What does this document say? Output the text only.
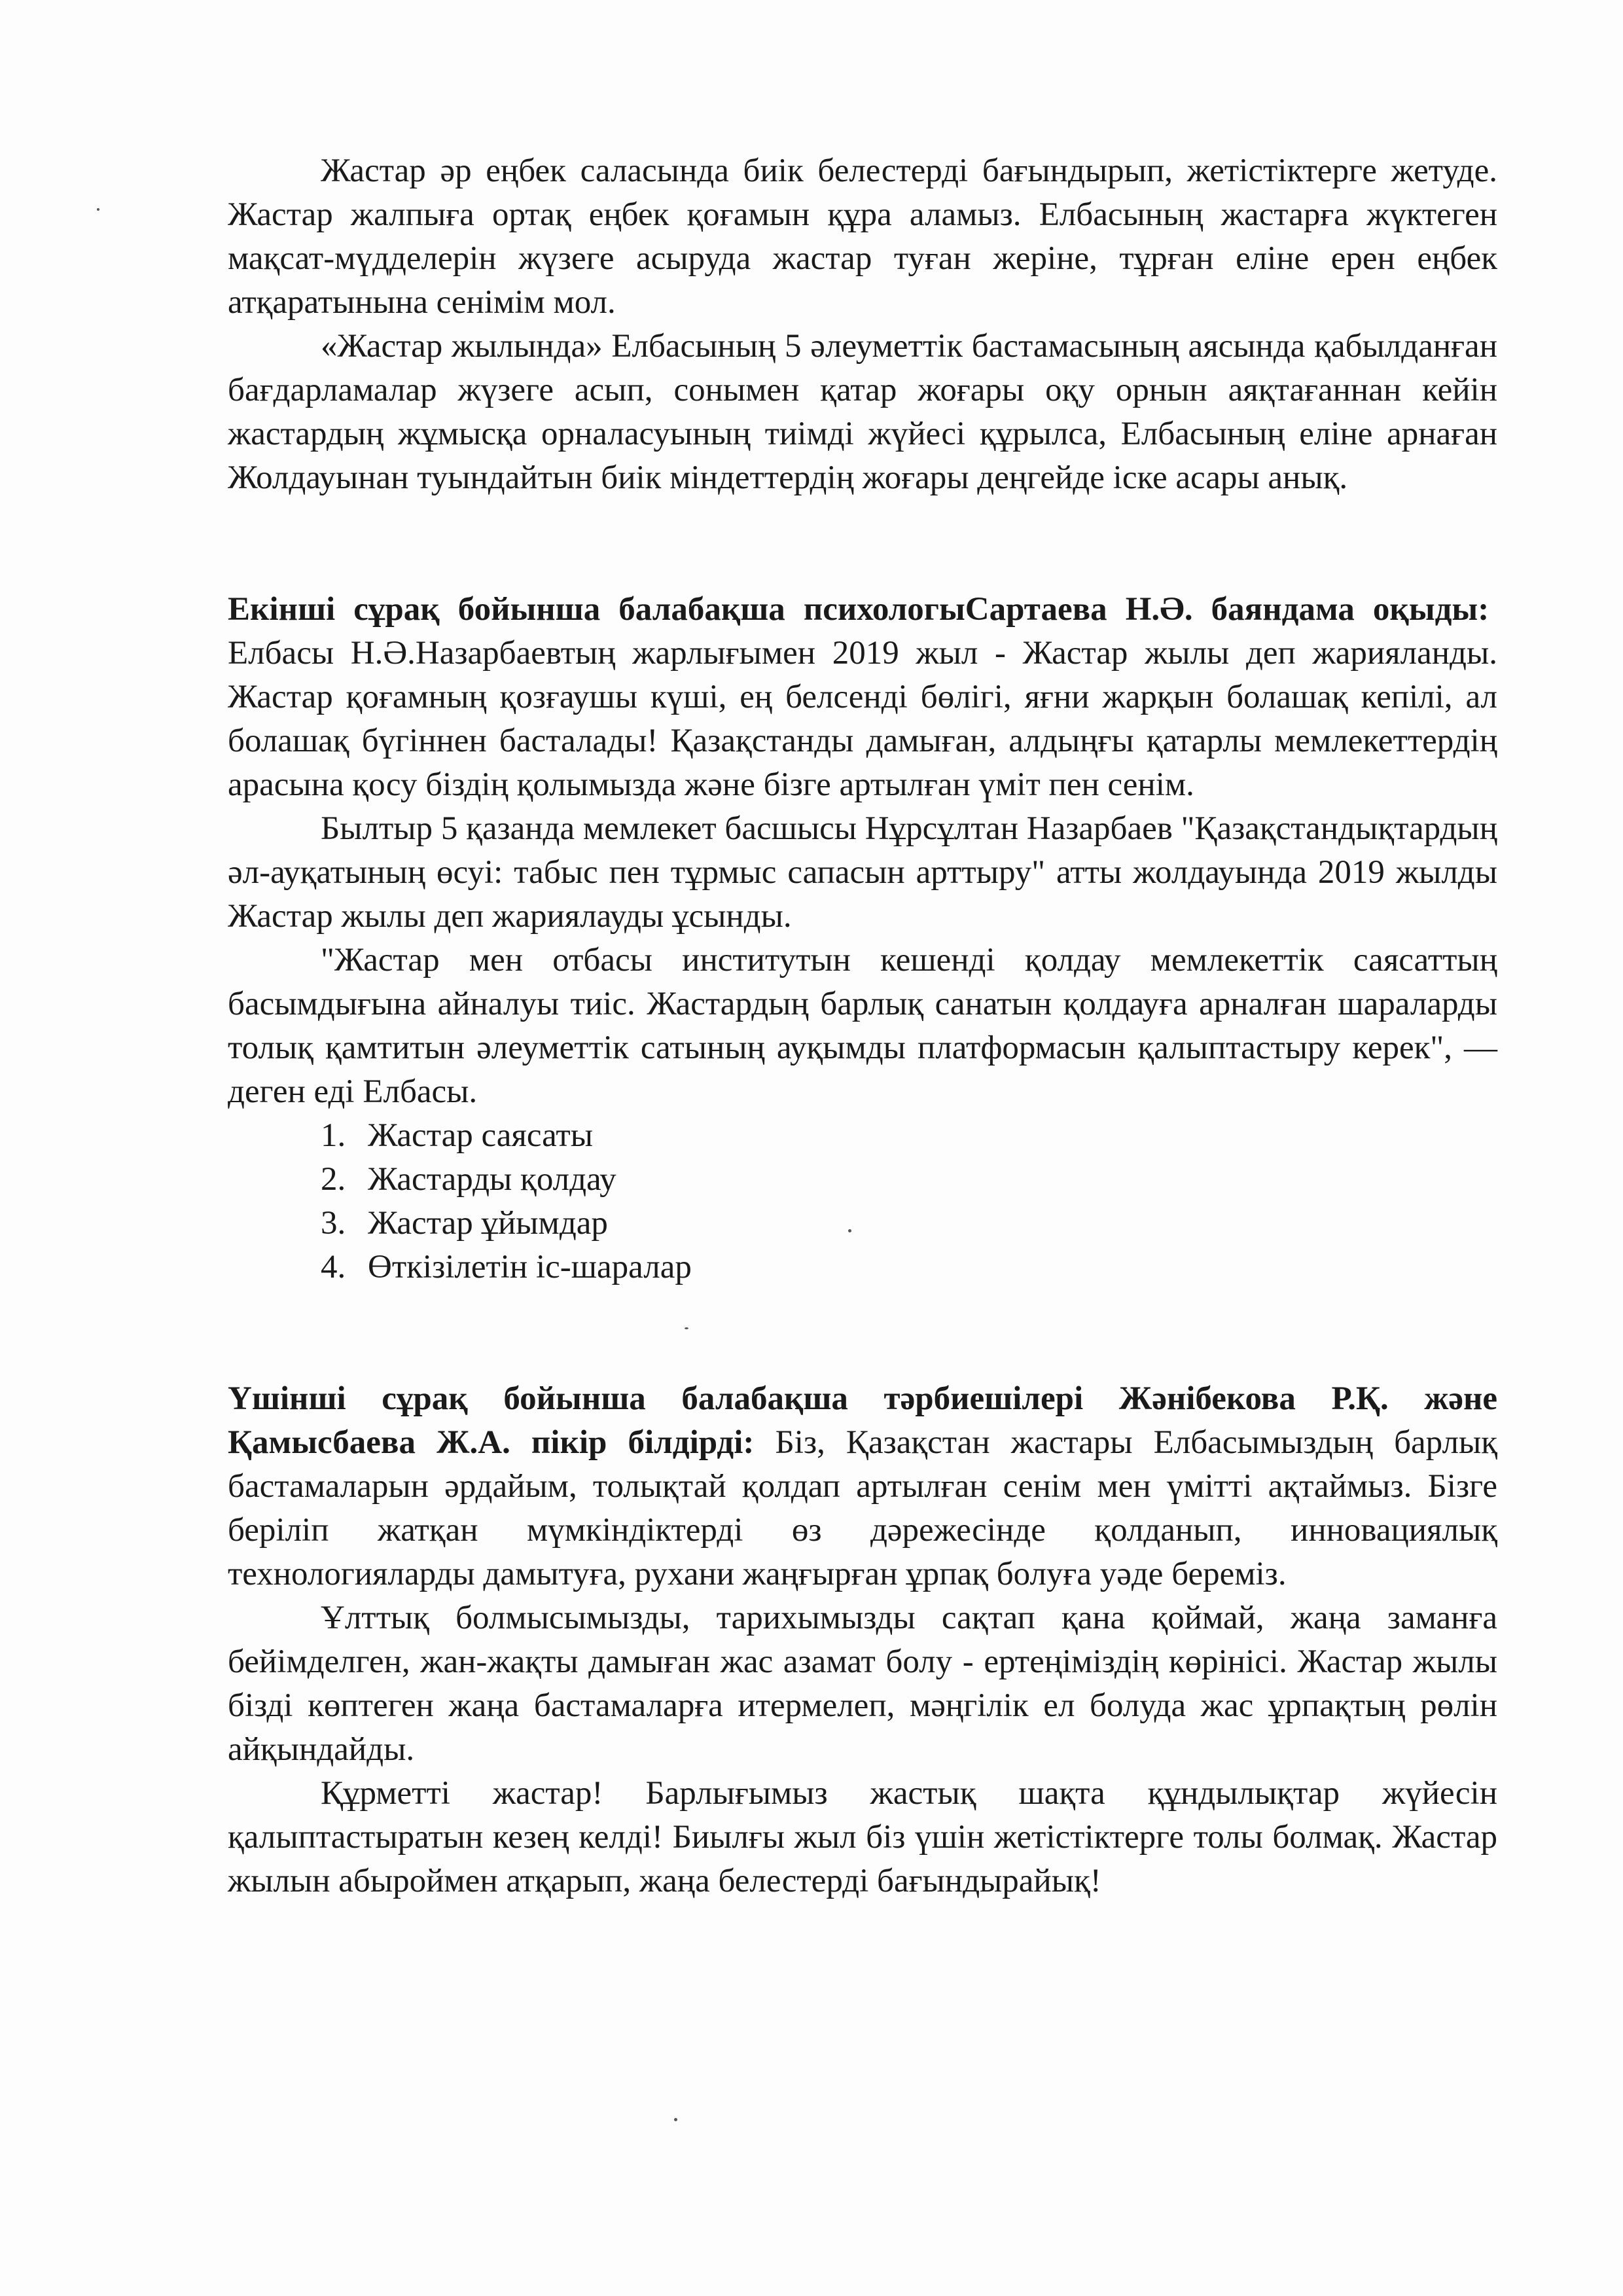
Жастар әр еңбек саласында биік белестерді бағындырып, жетістіктерге жетуде. Жастар жалпыға ортақ еңбек қоғамын құра аламыз. Елбасының жастарға жүктеген мақсат-мүдделерін жүзеге асыруда жастар туған жеріне, тұрған еліне ерен еңбек атқаратынына сенімім мол.

«Жастар жылында» Елбасының 5 әлеуметтік бастамасының аясында қабылданған бағдарламалар жүзеге асып, сонымен қатар жоғары оқу орнын аяқтағаннан кейін жастардың жұмысқа орналасуының тиімді жүйесі құрылса, Елбасының еліне арнаған Жолдауынан туындайтын биік міндеттердің жоғары деңгейде іске асары анық.

Екінші сұрақ бойынша балабақша психологыСартаева Н.Ә. баяндама оқыды:  Елбасы Н.Ә.Назарбаевтың жарлығымен 2019 жыл - Жастар жылы деп жарияланды. Жастар қоғамның қозғаушы күші, ең белсенді бөлігі, яғни жарқын болашақ кепілі, ал болашақ бүгіннен басталады! Қазақстанды дамыған, алдыңғы қатарлы мемлекеттердің арасына қосу біздің қолымызда және бізге артылған үміт пен сенім.

Былтыр 5 қазанда мемлекет басшысы Нұрсұлтан Назарбаев "Қазақстандықтардың әл-ауқатының өсуі: табыс пен тұрмыс сапасын арттыру" атты жолдауында 2019 жылды Жастар жылы деп жариялауды ұсынды.

"Жастар мен отбасы институтын кешенді қолдау мемлекеттік саясаттың басымдығына айналуы тиіс. Жастардың барлық санатын қолдауға арналған шараларды толық қамтитын әлеуметтік сатының ауқымды платформасын қалыптастыру керек", — деген еді Елбасы.

1. Жастар саясаты
2. Жастарды қолдау
3. Жастар ұйымдар
4. Өткізілетін іс-шаралар

Үшінші сұрақ бойынша балабақша тәрбиешілері Жәнібекова Р.Қ. және Қамысбаева Ж.А. пікір білдірді: Біз, Қазақстан жастары Елбасымыздың барлық бастамаларын әрдайым, толықтай қолдап артылған сенім мен үмітті ақтаймыз. Бізге беріліп жатқан мүмкіндіктерді өз дәрежесінде қолданып, инновациялық технологияларды дамытуға, рухани жаңғырған ұрпақ болуға уәде береміз.

Ұлттық болмысымызды, тарихымызды сақтап қана қоймай, жаңа заманға бейімделген, жан-жақты дамыған жас азамат болу - ертеңіміздің көрінісі. Жастар жылы бізді көптеген жаңа бастамаларға итермелеп, мәңгілік ел болуда жас ұрпақтың рөлін айқындайды.

Құрметті жастар! Барлығымыз жастық шақта құндылықтар жүйесін қалыптастыратын кезең келді! Биылғы жыл біз үшін жетістіктерге толы болмақ. Жастар жылын абыроймен атқарып, жаңа белестерді бағындырайық!
